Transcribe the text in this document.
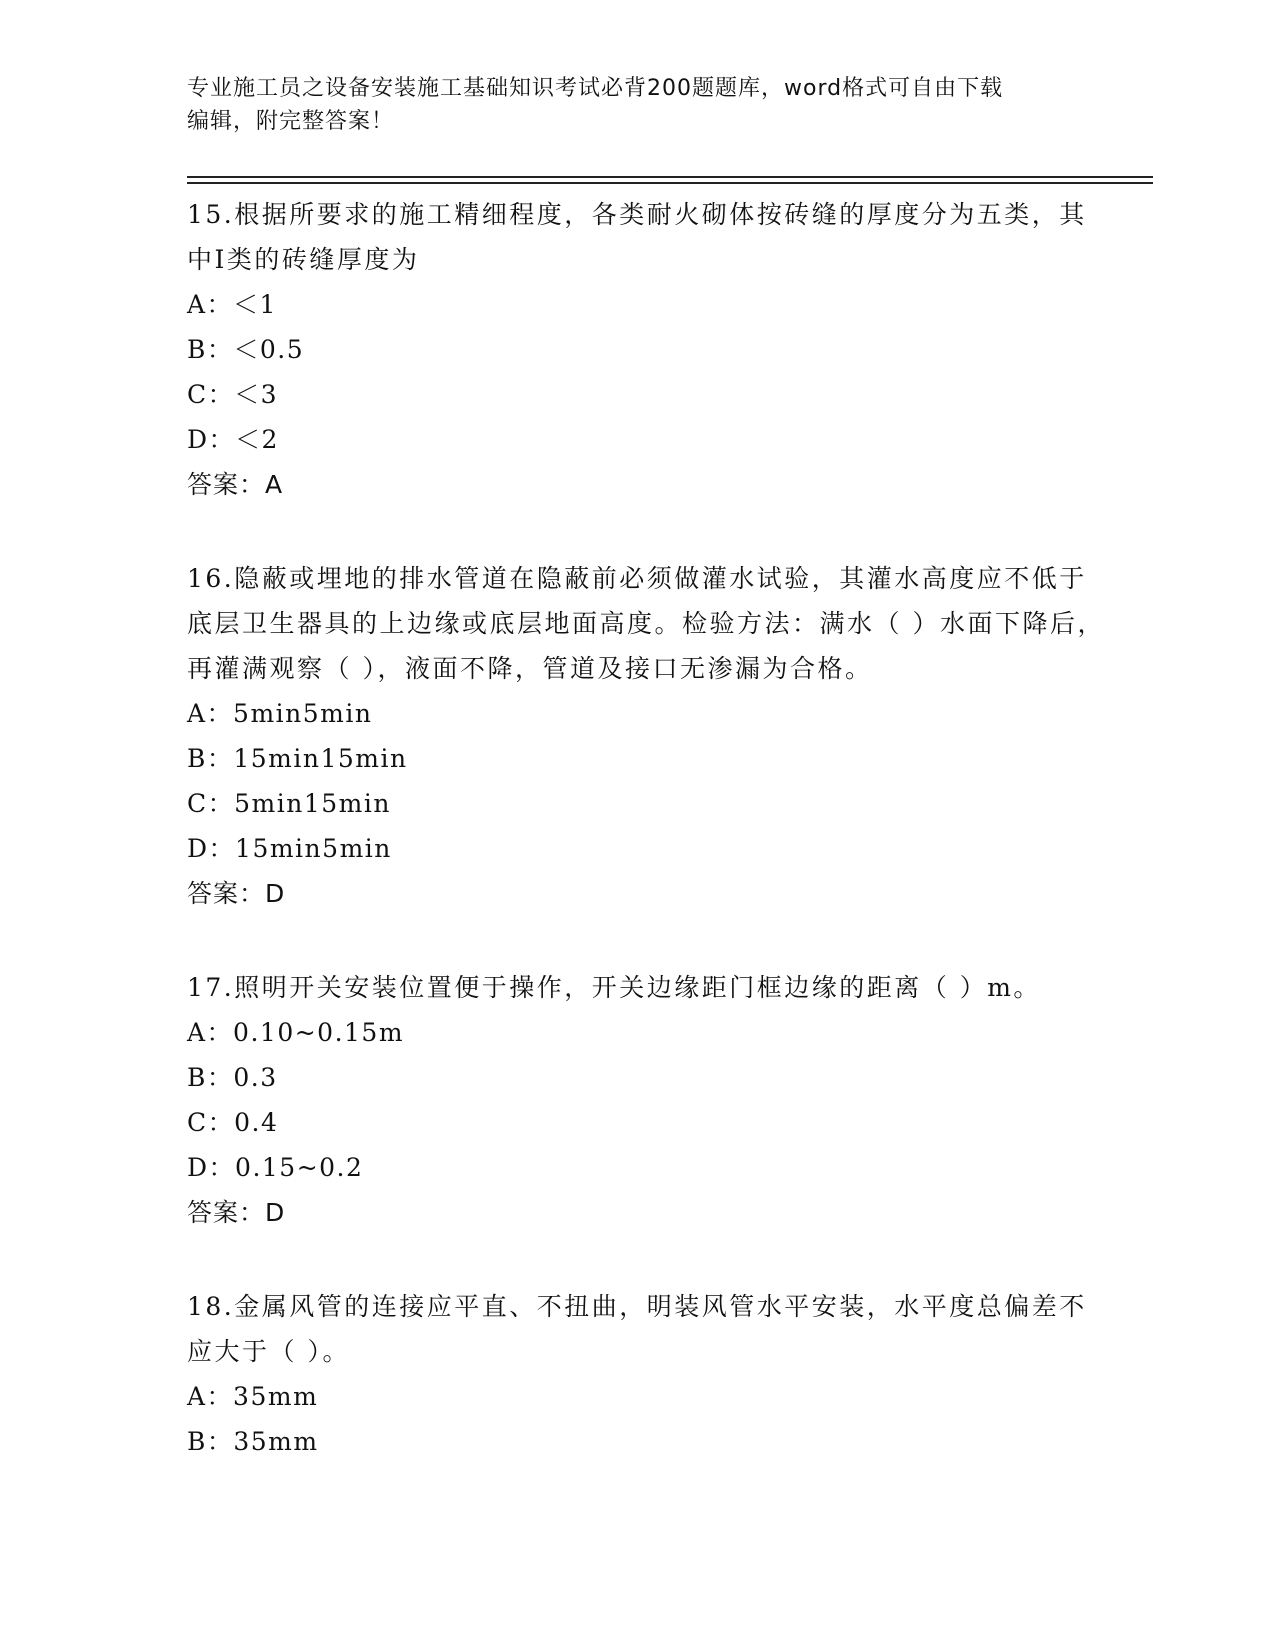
专业施工员之设备安装施工基础知识考试必背200题题库，word格式可自由下载
编辑，附完整答案！

15.根据所要求的施工精细程度，各类耐火砌体按砖缝的厚度分为五类，其中Ⅰ类的砖缝厚度为

A：＜1

B：＜0.5

C：＜3

D：＜2

答案：A

16.隐蔽或埋地的排水管道在隐蔽前必须做灌水试验，其灌水高度应不低于底层卫生器具的上边缘或底层地面高度。检验方法：满水（ ）水面下降后，再灌满观察（ ），液面不降，管道及接口无渗漏为合格。

A：5min5min

B：15min15min

C：5min15min

D：15min5min

答案：D

17.照明开关安装位置便于操作，开关边缘距门框边缘的距离（ ）m。

A：0.10~0.15m

B：0.3

C：0.4

D：0.15~0.2

答案：D

18.金属风管的连接应平直、不扭曲，明装风管水平安装，水平度总偏差不应大于（ ）。

A：35mm

B：35mm
